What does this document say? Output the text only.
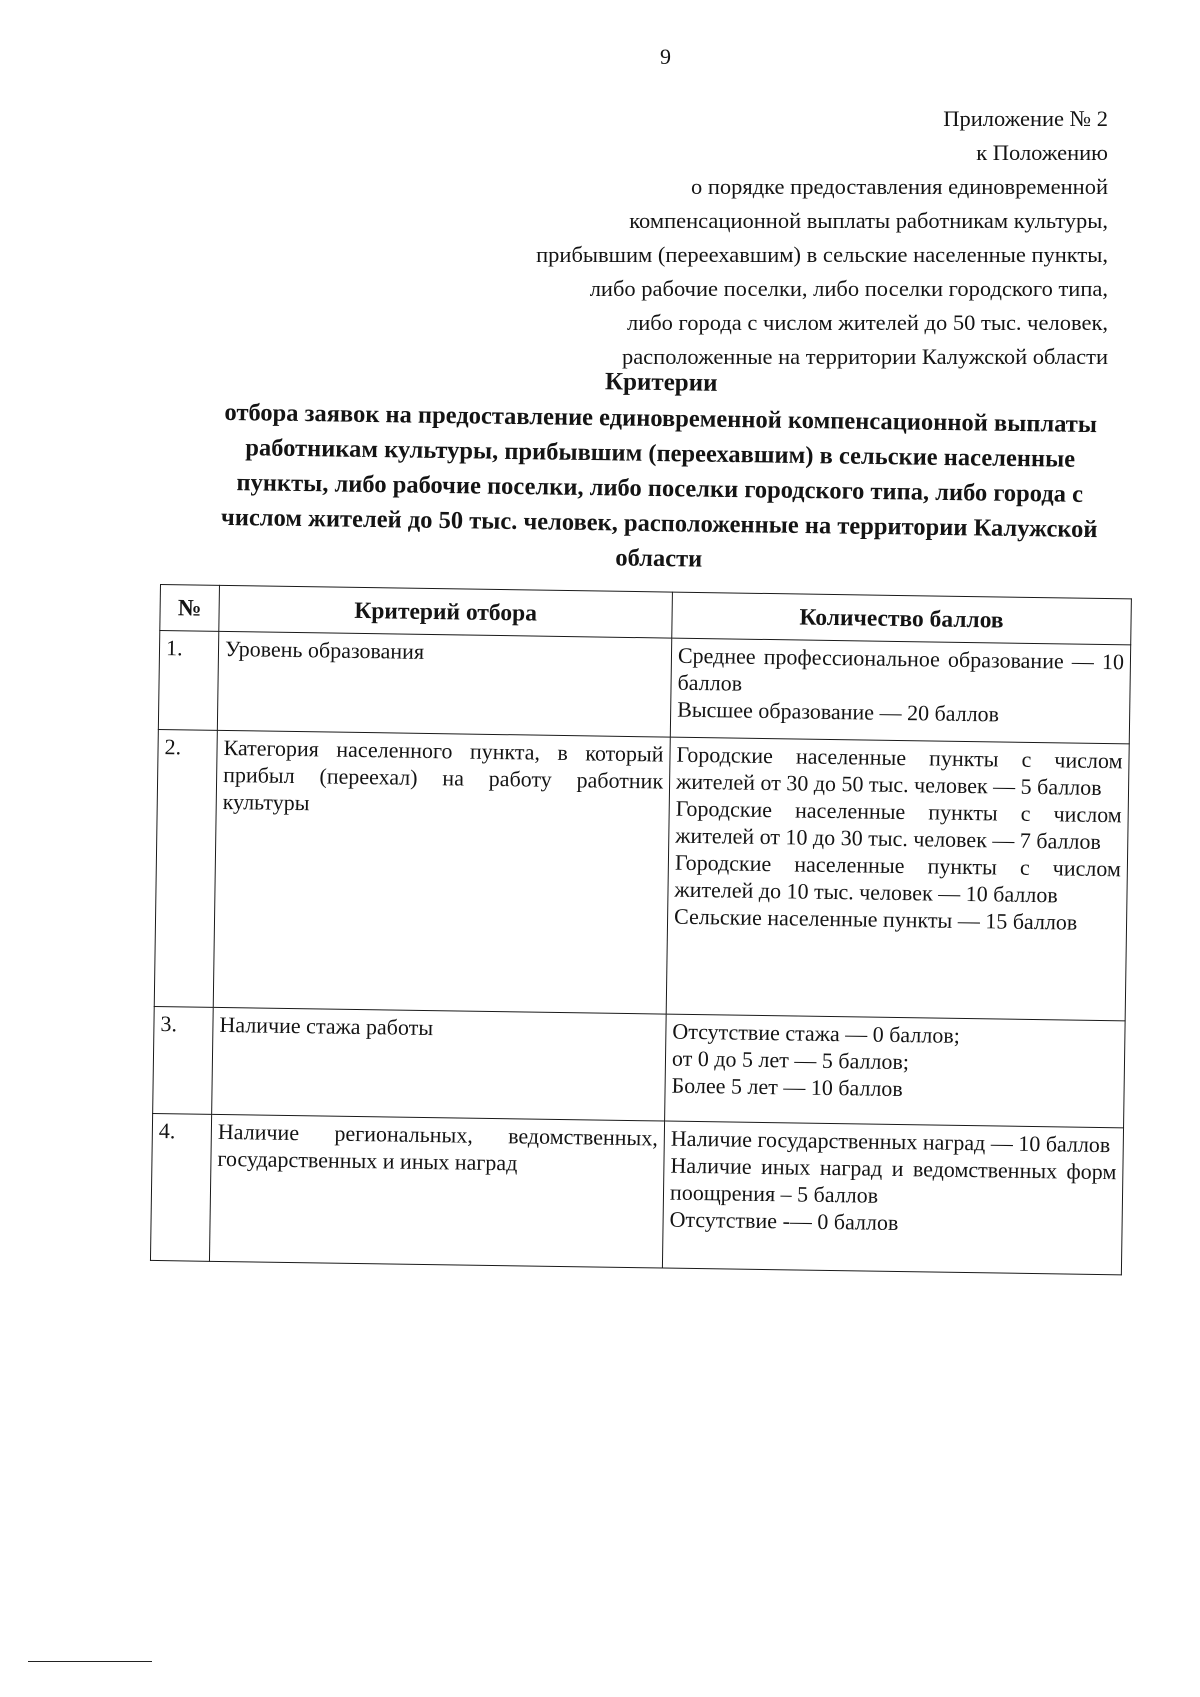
9
Приложение № 2
к Положению
о порядке предоставления единовременной
компенсационной выплаты работникам культуры,
прибывшим (переехавшим) в сельские населенные пункты,
либо рабочие поселки, либо поселки городского типа,
либо города с числом жителей до 50 тыс. человек,
расположенные на территории Калужской области
Критерии
отбора заявок на предоставление единовременной компенсационной выплаты
работникам культуры, прибывшим (переехавшим) в сельские населенные
пункты, либо рабочие поселки, либо поселки городского типа, либо города с
числом жителей до 50 тыс. человек, расположенные на территории Калужской
области
№	Критерий отбора	Количество баллов
1.	Уровень образования	Среднее профессиональное образование — 10 баллов
Высшее образование — 20 баллов

2.	Категория населенного пункта, в который прибыл (переехал) на работу работник культуры	Городские населенные пункты с числом жителей от 30 до 50 тыс. человек — 5 баллов
Городские населенные пункты с числом жителей от 10 до 30 тыс. человек — 7 баллов
Городские населенные пункты с числом жителей до 10 тыс. человек — 10 баллов
Сельские населенные пункты — 15 баллов

3.	Наличие стажа работы	Отсутствие стажа — 0 баллов;
от 0 до 5 лет — 5 баллов;
Более 5 лет — 10 баллов

4.	Наличие региональных, ведомственных, государственных и иных наград	Наличие государственных наград — 10 баллов
Наличие иных наград и ведомственных форм поощрения – 5 баллов
Отсутствие -— 0 баллов
